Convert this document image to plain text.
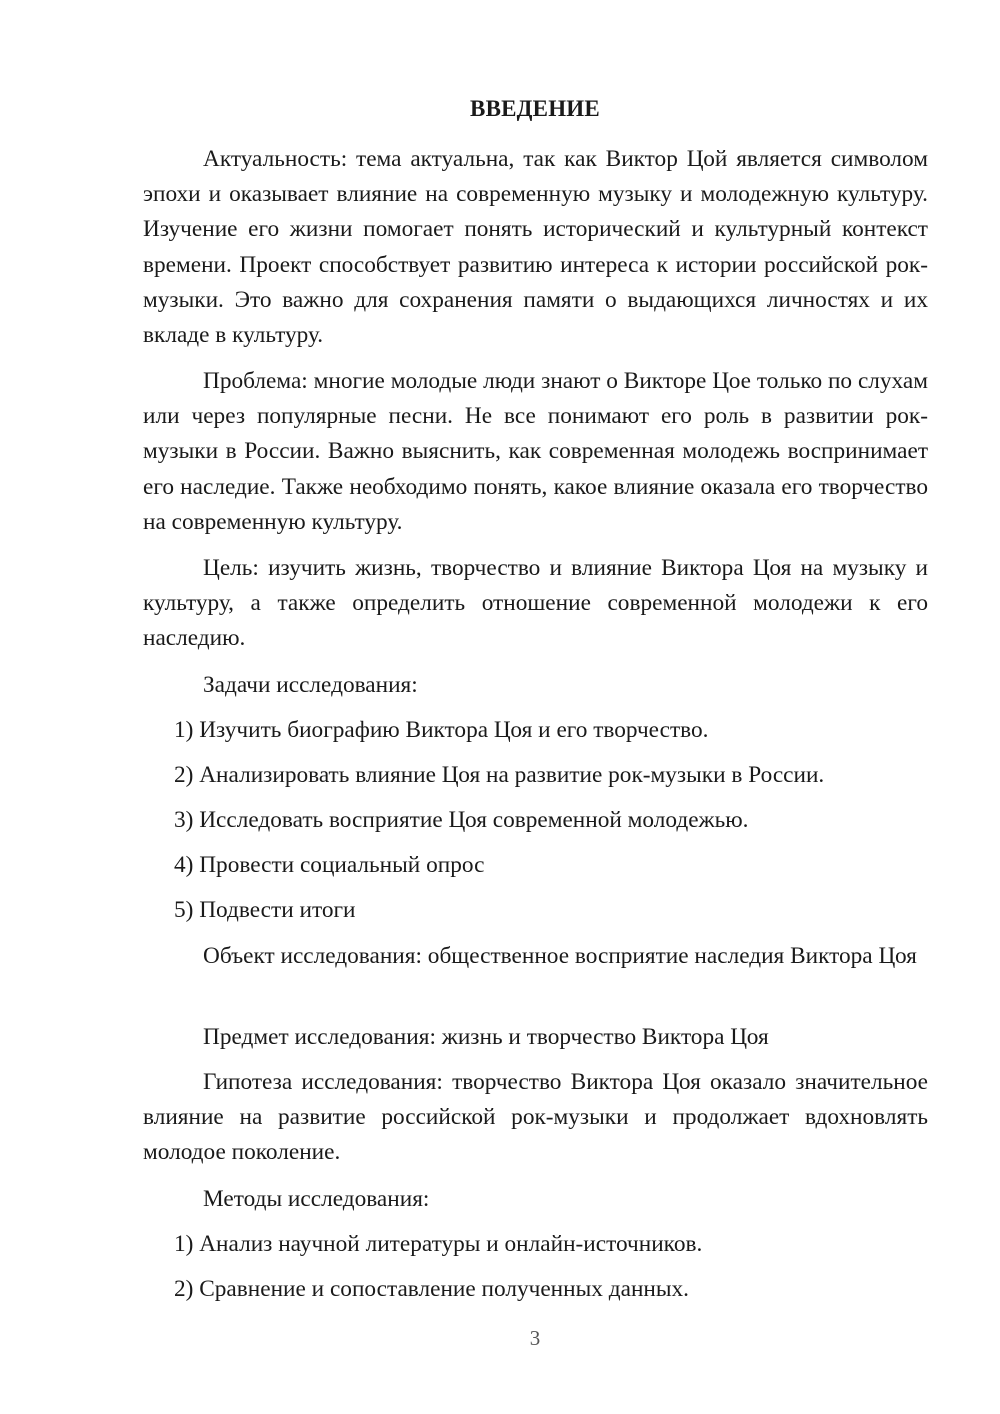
ВВЕДЕНИЕ

Актуальность: тема актуальна, так как Виктор Цой является символом эпохи и оказывает влияние на современную музыку и молодежную культуру. Изучение его жизни помогает понять исторический и культурный контекст времени. Проект способствует развитию интереса к истории российской рок-музыки. Это важно для сохранения памяти о выдающихся личностях и их вкладе в культуру.

Проблема: многие молодые люди знают о Викторе Цое только по слухам или через популярные песни. Не все понимают его роль в развитии рок-музыки в России. Важно выяснить, как современная молодежь воспринимает его наследие. Также необходимо понять, какое влияние оказала его творчество на современную культуру.

Цель: изучить жизнь, творчество и влияние Виктора Цоя на музыку и культуру, а также определить отношение современной молодежи к его наследию.

Задачи исследования:

1) Изучить биографию Виктора Цоя и его творчество.

2) Анализировать влияние Цоя на развитие рок-музыки в России.

3) Исследовать восприятие Цоя современной молодежью.

4) Провести социальный опрос

5) Подвести итоги

Объект исследования: общественное восприятие наследия Виктора Цоя

Предмет исследования: жизнь и творчество Виктора Цоя

Гипотеза исследования: творчество Виктора Цоя оказало значительное влияние на развитие российской рок-музыки и продолжает вдохновлять молодое поколение.

Методы исследования:

1) Анализ научной литературы и онлайн-источников.

2) Сравнение и сопоставление полученных данных.

3
